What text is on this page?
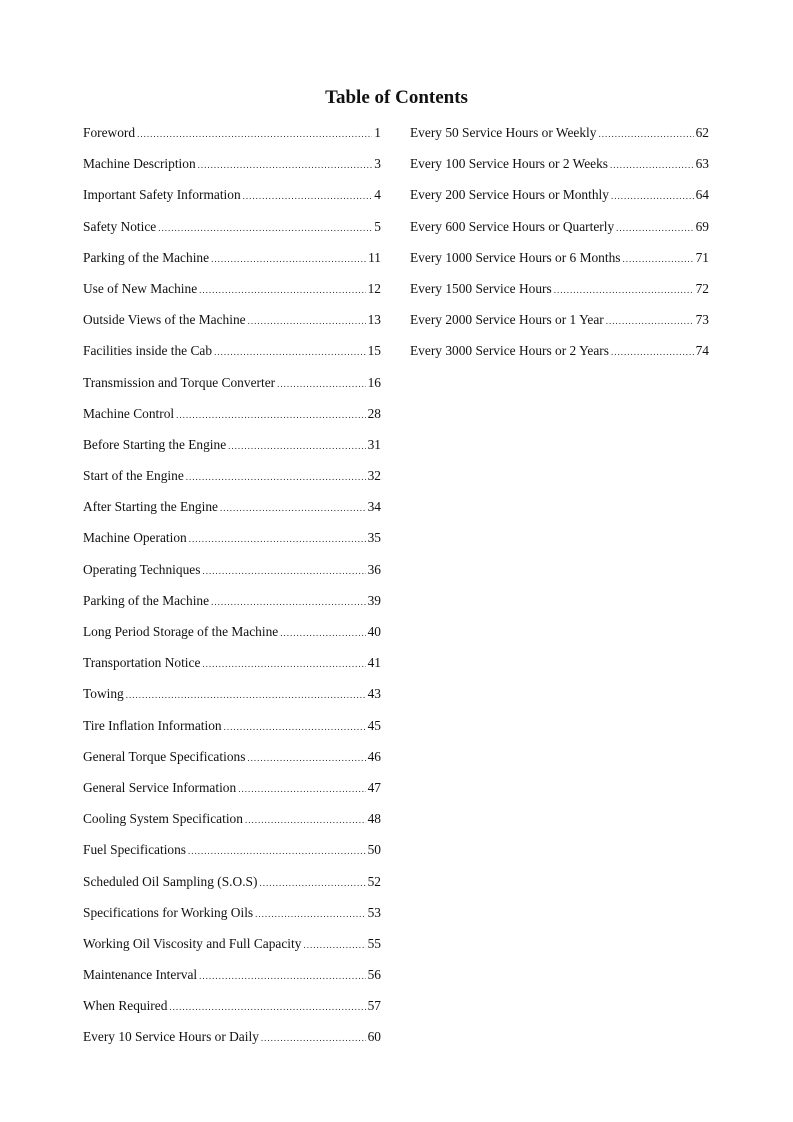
Table of Contents
Foreword .....	1
Machine Description .....	3
Important Safety Information .....	4
Safety Notice .....	5
Parking of the Machine .....	11
Use of New Machine .....	12
Outside Views of the Machine .....	13
Facilities inside the Cab .....	15
Transmission and Torque Converter .....	16
Machine Control .....	28
Before Starting the Engine .....	31
Start of the Engine .....	32
After Starting the Engine .....	34
Machine Operation .....	35
Operating Techniques .....	36
Parking of the Machine .....	39
Long Period Storage of the Machine .....	40
Transportation Notice .....	41
Towing .....	43
Tire Inflation Information .....	45
General Torque Specifications .....	46
General Service Information .....	47
Cooling System Specification .....	48
Fuel Specifications .....	50
Scheduled Oil Sampling (S.O.S) .....	52
Specifications for Working Oils .....	53
Working Oil Viscosity and Full Capacity .....	55
Maintenance Interval .....	56
When Required .....	57
Every 10 Service Hours or Daily .....	60
Every 50 Service Hours or Weekly .....	62
Every 100 Service Hours or 2 Weeks .....	63
Every 200 Service Hours or Monthly .....	64
Every 600 Service Hours or Quarterly .....	69
Every 1000 Service Hours or 6 Months .....	71
Every 1500 Service Hours .....	72
Every 2000 Service Hours or 1 Year .....	73
Every 3000 Service Hours or 2 Years .....	74
